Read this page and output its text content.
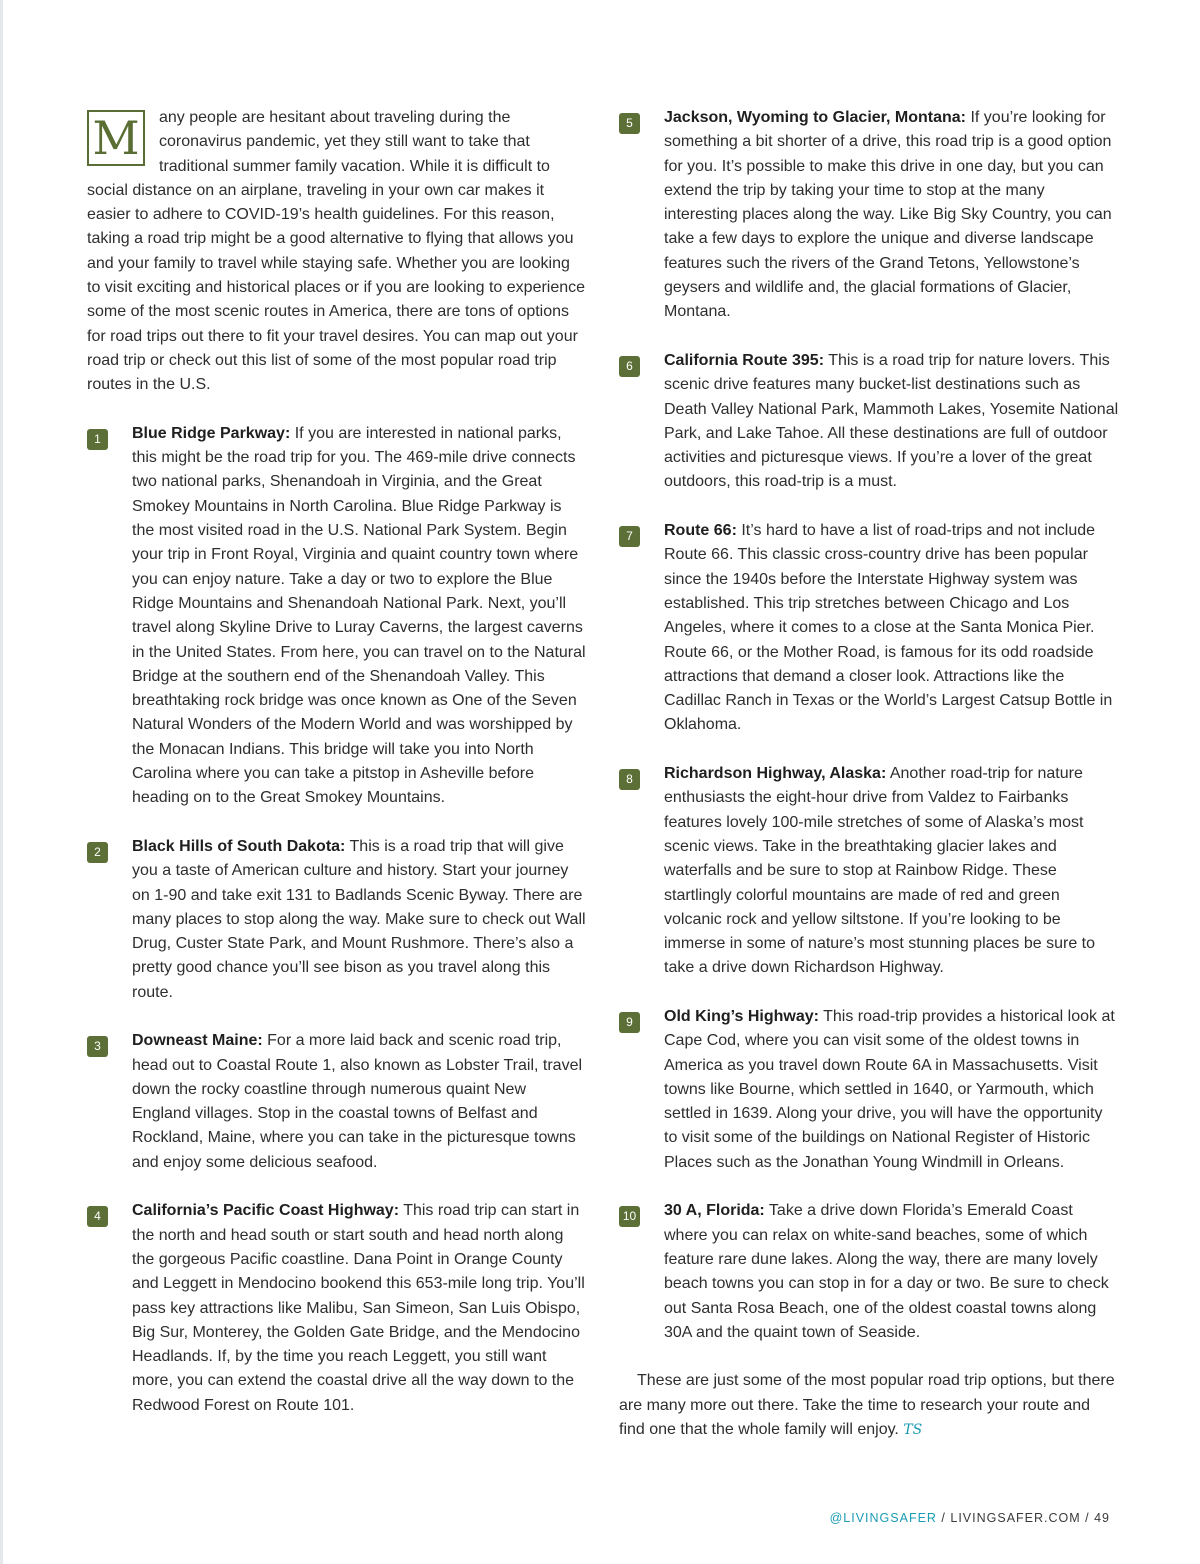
M	any people are hesitant about traveling during the coronavirus pandemic, yet they still want to take that traditional summer family vacation. While it is difficult to social distance on an airplane, traveling in your own car makes it easier to adhere to COVID-19’s health guidelines. For this reason, taking a road trip might be a good alternative to flying that allows you and your family to travel while staying safe. Whether you are looking to visit exciting and historical places or if you are looking to experience some of the most scenic routes in America, there are tons of options for road trips out there to fit your travel desires. You can map out your road trip or check out this list of some of the most popular road trip routes in the U.S.

1	Blue Ridge Parkway: If you are interested in national parks, this might be the road trip for you. The 469-mile drive connects two national parks, Shenandoah in Virginia, and the Great Smokey Mountains in North Carolina. Blue Ridge Parkway is the most visited road in the U.S. National Park System. Begin your trip in Front Royal, Virginia and quaint country town where you can enjoy nature. Take a day or two to explore the Blue Ridge Mountains and Shenandoah National Park. Next, you’ll travel along Skyline Drive to Luray Caverns, the largest caverns in the United States. From here, you can travel on to the Natural Bridge at the southern end of the Shenandoah Valley. This breathtaking rock bridge was once known as One of the Seven Natural Wonders of the Modern World and was worshipped by the Monacan Indians. This bridge will take you into North Carolina where you can take a pitstop in Asheville before heading on to the Great Smokey Mountains.
2	Black Hills of South Dakota: This is a road trip that will give you a taste of American culture and history. Start your journey on 1-90 and take exit 131 to Badlands Scenic Byway. There are many places to stop along the way. Make sure to check out Wall Drug, Custer State Park, and Mount Rushmore. There’s also a pretty good chance you’ll see bison as you travel along this route.
3	Downeast Maine: For a more laid back and scenic road trip, head out to Coastal Route 1, also known as Lobster Trail, travel down the rocky coastline through numerous quaint New England villages. Stop in the coastal towns of Belfast and Rockland, Maine, where you can take in the picturesque towns and enjoy some delicious seafood.
4	California’s Pacific Coast Highway: This road trip can start in the north and head south or start south and head north along the gorgeous Pacific coastline. Dana Point in Orange County and Leggett in Mendocino bookend this 653-mile long trip. You’ll pass key attractions like Malibu, San Simeon, San Luis Obispo, Big Sur, Monterey, the Golden Gate Bridge, and the Mendocino Headlands. If, by the time you reach Leggett, you still want more, you can extend the coastal drive all the way down to the Redwood Forest on Route 101.
5	Jackson, Wyoming to Glacier, Montana: If you’re looking for something a bit shorter of a drive, this road trip is a good option for you. It’s possible to make this drive in one day, but you can extend the trip by taking your time to stop at the many interesting places along the way. Like Big Sky Country, you can take a few days to explore the unique and diverse landscape features such the rivers of the Grand Tetons, Yellowstone’s geysers and wildlife and, the glacial formations of Glacier, Montana.
6	California Route 395: This is a road trip for nature lovers. This scenic drive features many bucket-list destinations such as Death Valley National Park, Mammoth Lakes, Yosemite National Park, and Lake Tahoe. All these destinations are full of outdoor activities and picturesque views. If you’re a lover of the great outdoors, this road-trip is a must.
7	Route 66: It’s hard to have a list of road-trips and not include Route 66. This classic cross-country drive has been popular since the 1940s before the Interstate Highway system was established. This trip stretches between Chicago and Los Angeles, where it comes to a close at the Santa Monica Pier. Route 66, or the Mother Road, is famous for its odd roadside attractions that demand a closer look. Attractions like the Cadillac Ranch in Texas or the World’s Largest Catsup Bottle in Oklahoma.
8	Richardson Highway, Alaska: Another road-trip for nature enthusiasts the eight-hour drive from Valdez to Fairbanks features lovely 100-mile stretches of some of Alaska’s most scenic views. Take in the breathtaking glacier lakes and waterfalls and be sure to stop at Rainbow Ridge. These startlingly colorful mountains are made of red and green volcanic rock and yellow siltstone. If you’re looking to be immerse in some of nature’s most stunning places be sure to take a drive down Richardson Highway.
9	Old King’s Highway: This road-trip provides a historical look at Cape Cod, where you can visit some of the oldest towns in America as you travel down Route 6A in Massachusetts. Visit towns like Bourne, which settled in 1640, or Yarmouth, which settled in 1639. Along your drive, you will have the opportunity to visit some of the buildings on National Register of Historic Places such as the Jonathan Young Windmill in Orleans.
10 30 A, Florida: Take a drive down Florida’s Emerald Coast where you can relax on white-sand beaches, some of which feature rare dune lakes. Along the way, there are many lovely beach towns you can stop in for a day or two. Be sure to check out Santa Rosa Beach, one of the oldest coastal towns along 30A and the quaint town of Seaside.

These are just some of the most popular road trip options, but there are many more out there. Take the time to research your route and find one that the whole family will enjoy. TS

@LIVINGSAFER / LIVINGSAFER.COM / 49
